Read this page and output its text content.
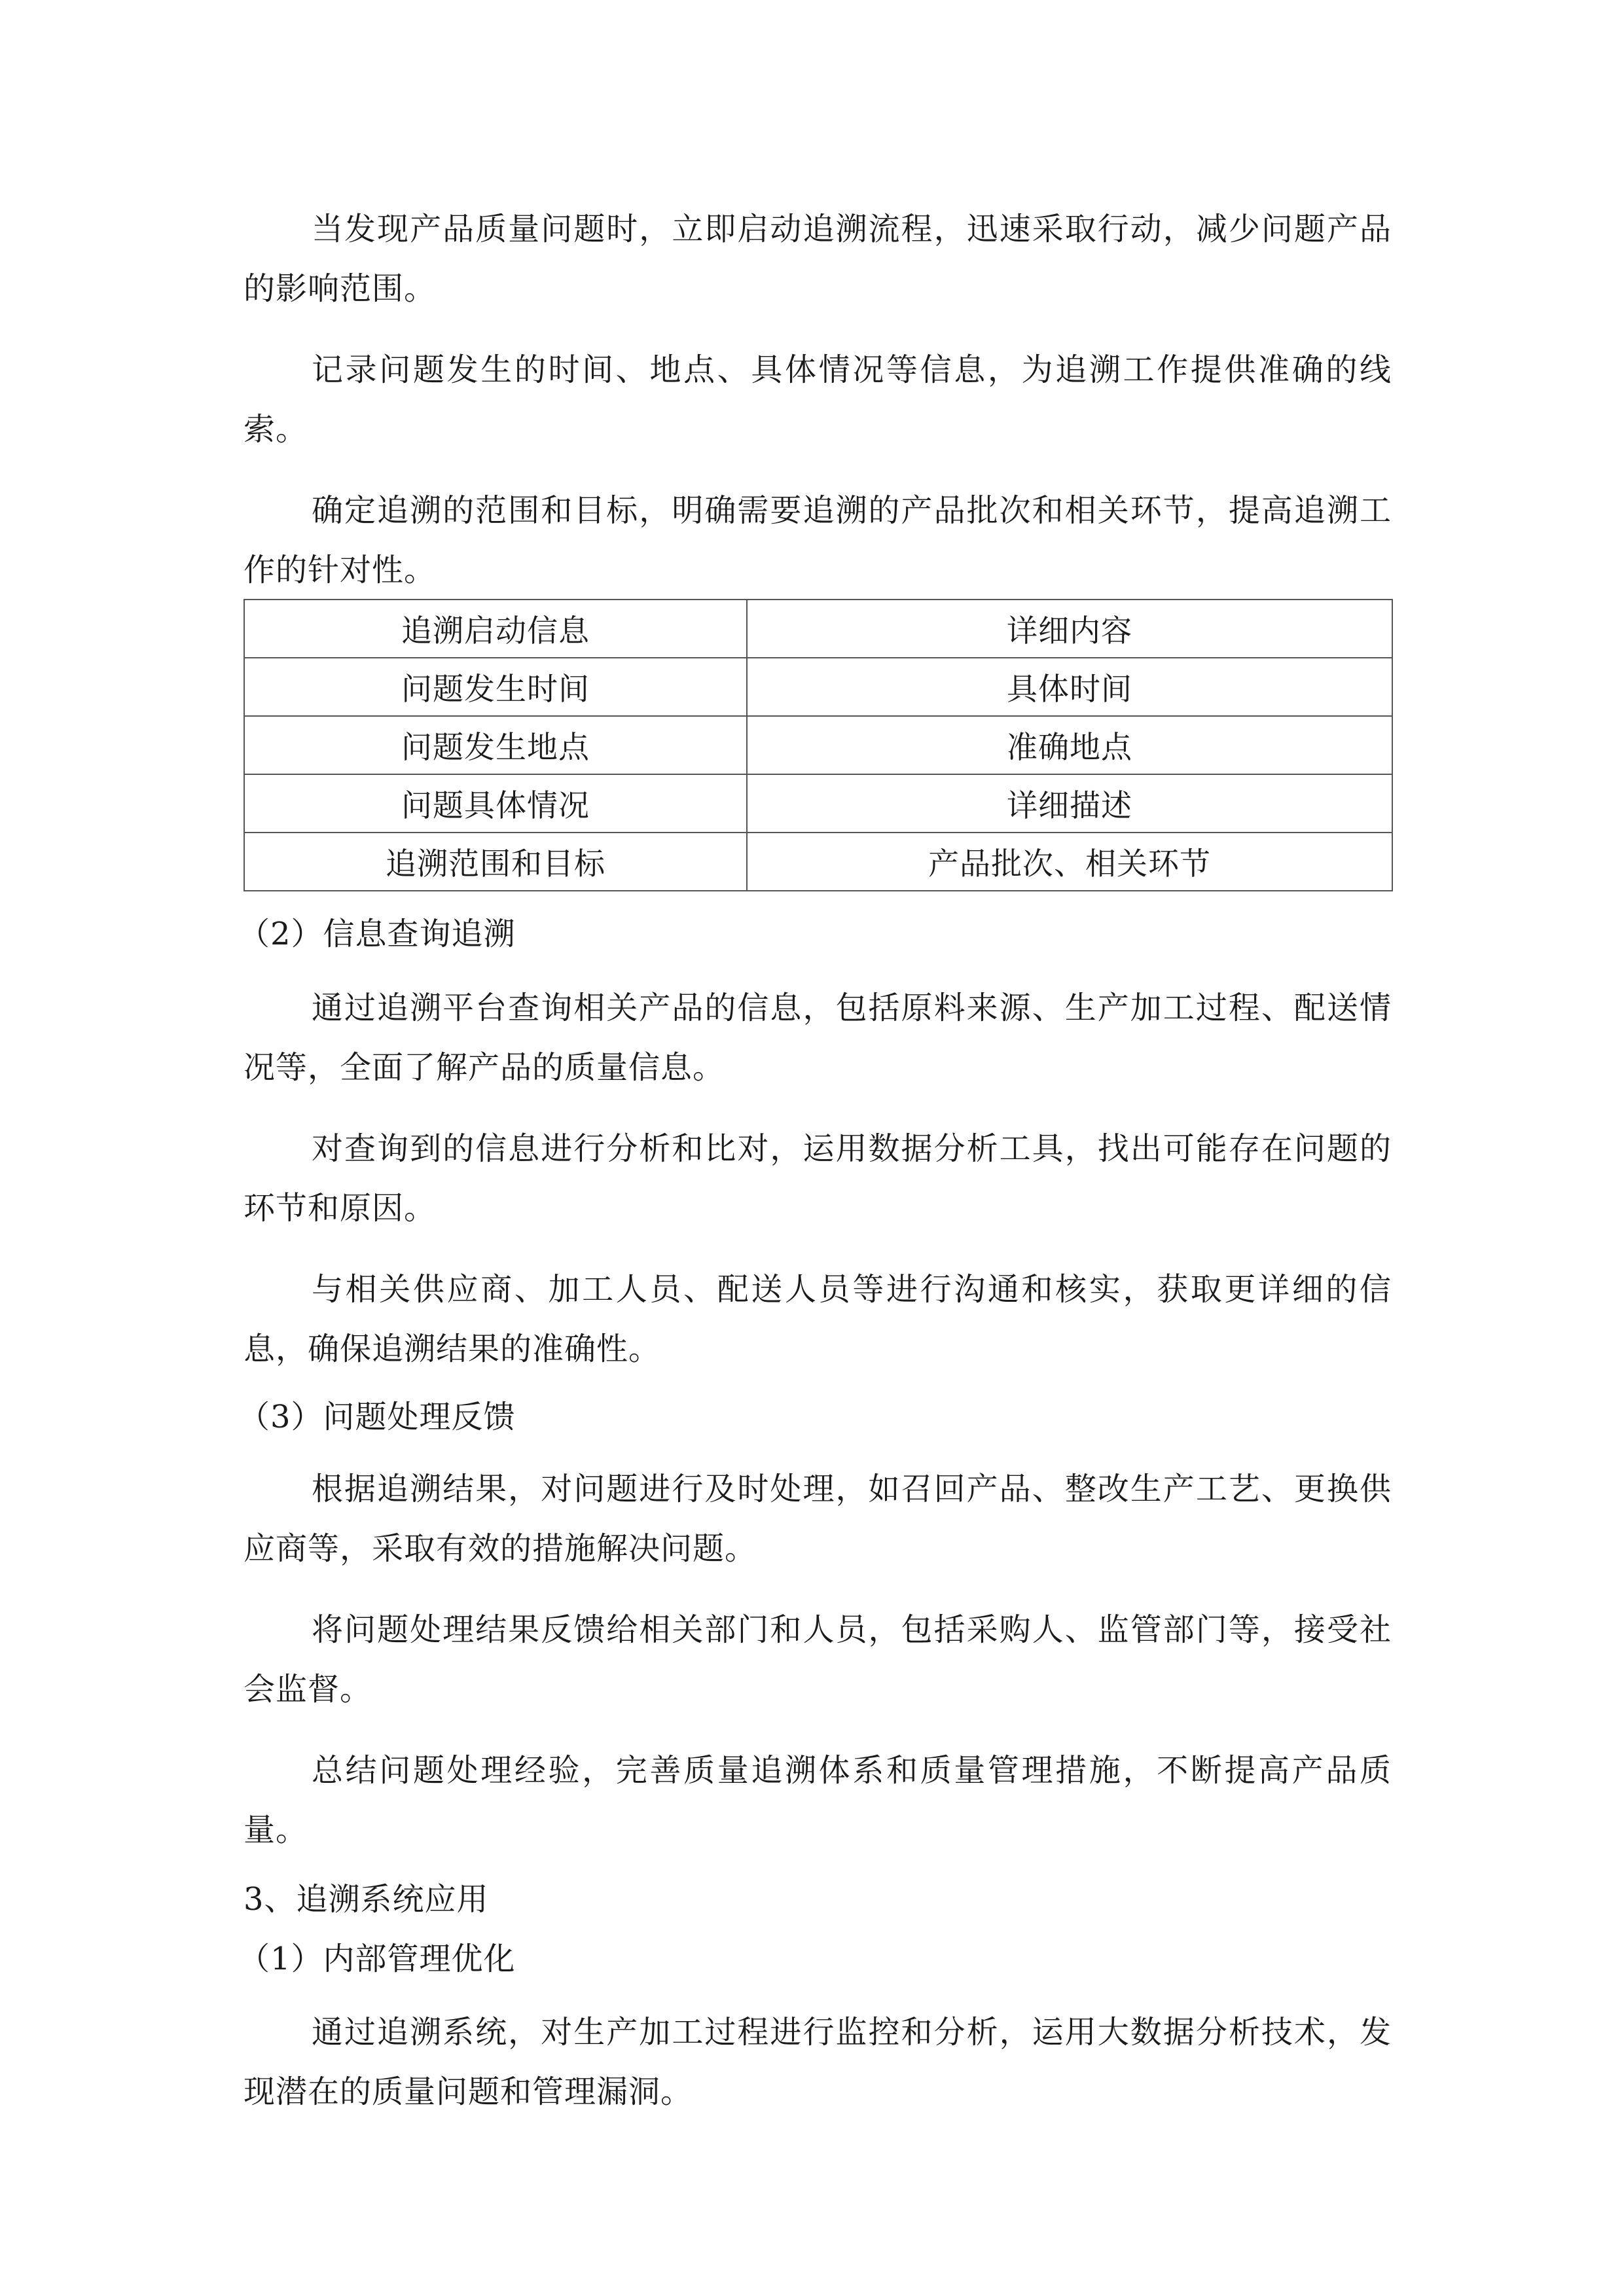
当发现产品质量问题时，立即启动追溯流程，迅速采取行动，减少问题产品的影响范围。

记录问题发生的时间、地点、具体情况等信息，为追溯工作提供准确的线索。

确定追溯的范围和目标，明确需要追溯的产品批次和相关环节，提高追溯工作的针对性。

追溯启动信息	详细内容
问题发生时间	具体时间
问题发生地点	准确地点
问题具体情况	详细描述
追溯范围和目标	产品批次、相关环节
（2）信息查询追溯

通过追溯平台查询相关产品的信息，包括原料来源、生产加工过程、配送情况等，全面了解产品的质量信息。

对查询到的信息进行分析和比对，运用数据分析工具，找出可能存在问题的环节和原因。

与相关供应商、加工人员、配送人员等进行沟通和核实，获取更详细的信息，确保追溯结果的准确性。

（3）问题处理反馈

根据追溯结果，对问题进行及时处理，如召回产品、整改生产工艺、更换供应商等，采取有效的措施解决问题。

将问题处理结果反馈给相关部门和人员，包括采购人、监管部门等，接受社会监督。

总结问题处理经验，完善质量追溯体系和质量管理措施，不断提高产品质量。

3、追溯系统应用
（1）内部管理优化

通过追溯系统，对生产加工过程进行监控和分析，运用大数据分析技术，发现潜在的质量问题和管理漏洞。
